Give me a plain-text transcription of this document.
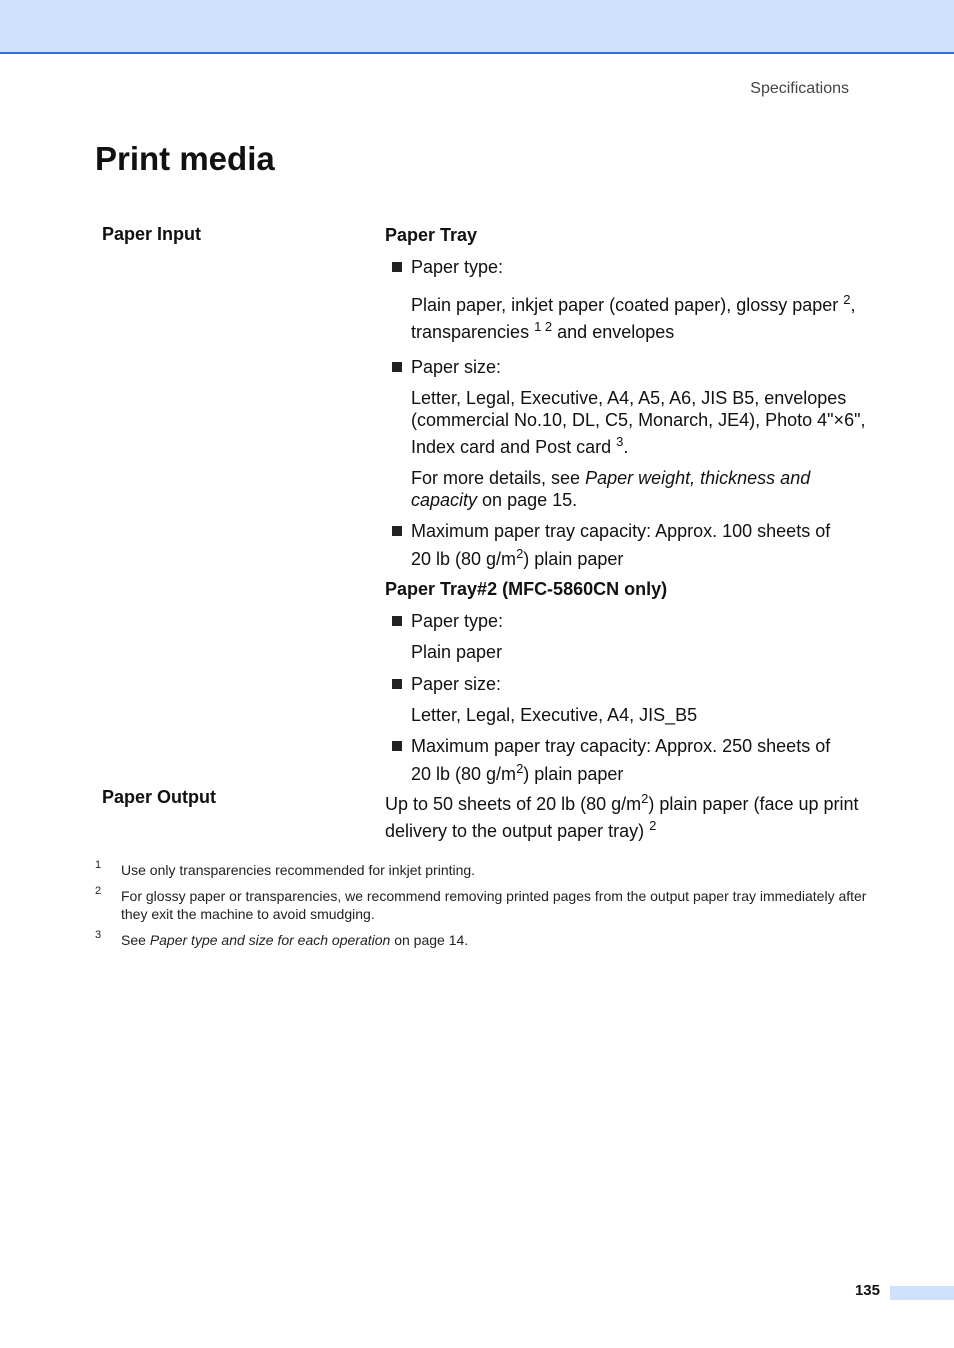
Specifications
Print media
Paper Input	Paper Tray
Paper type:
Plain paper, inkjet paper (coated paper), glossy paper $^2$,
transparencies $^{1 2}$ and envelopes
Paper size:
Letter, Legal, Executive, A4, A5, A6, JIS B5, envelopes
(commercial No.10, DL, C5, Monarch, JE4), Photo 4"×6",
Index card and Post card $^3$.
For more details, see Paper weight, thickness and capacity on page 15.
Maximum paper tray capacity: Approx. 100 sheets of
20 lb (80 $g/m^2$) plain paper
Paper Tray#2 (MFC-5860CN only)
Paper type:
Plain paper
Paper size:
Letter, Legal, Executive, A4, JIS_B5
Maximum paper tray capacity: Approx. 250 sheets of
20 lb (80 $g/m^2$) plain paper
Paper Output	Up to 50 sheets of 20 lb (80 $g/m^2$) plain paper (face up print
delivery to the output paper tray) $^2$
1 Use only transparencies recommended for inkjet printing.
2 For glossy paper or transparencies, we recommend removing printed pages from the output paper tray immediately after they exit the machine to avoid smudging.
3 See Paper type and size for each operation on page 14.
135
